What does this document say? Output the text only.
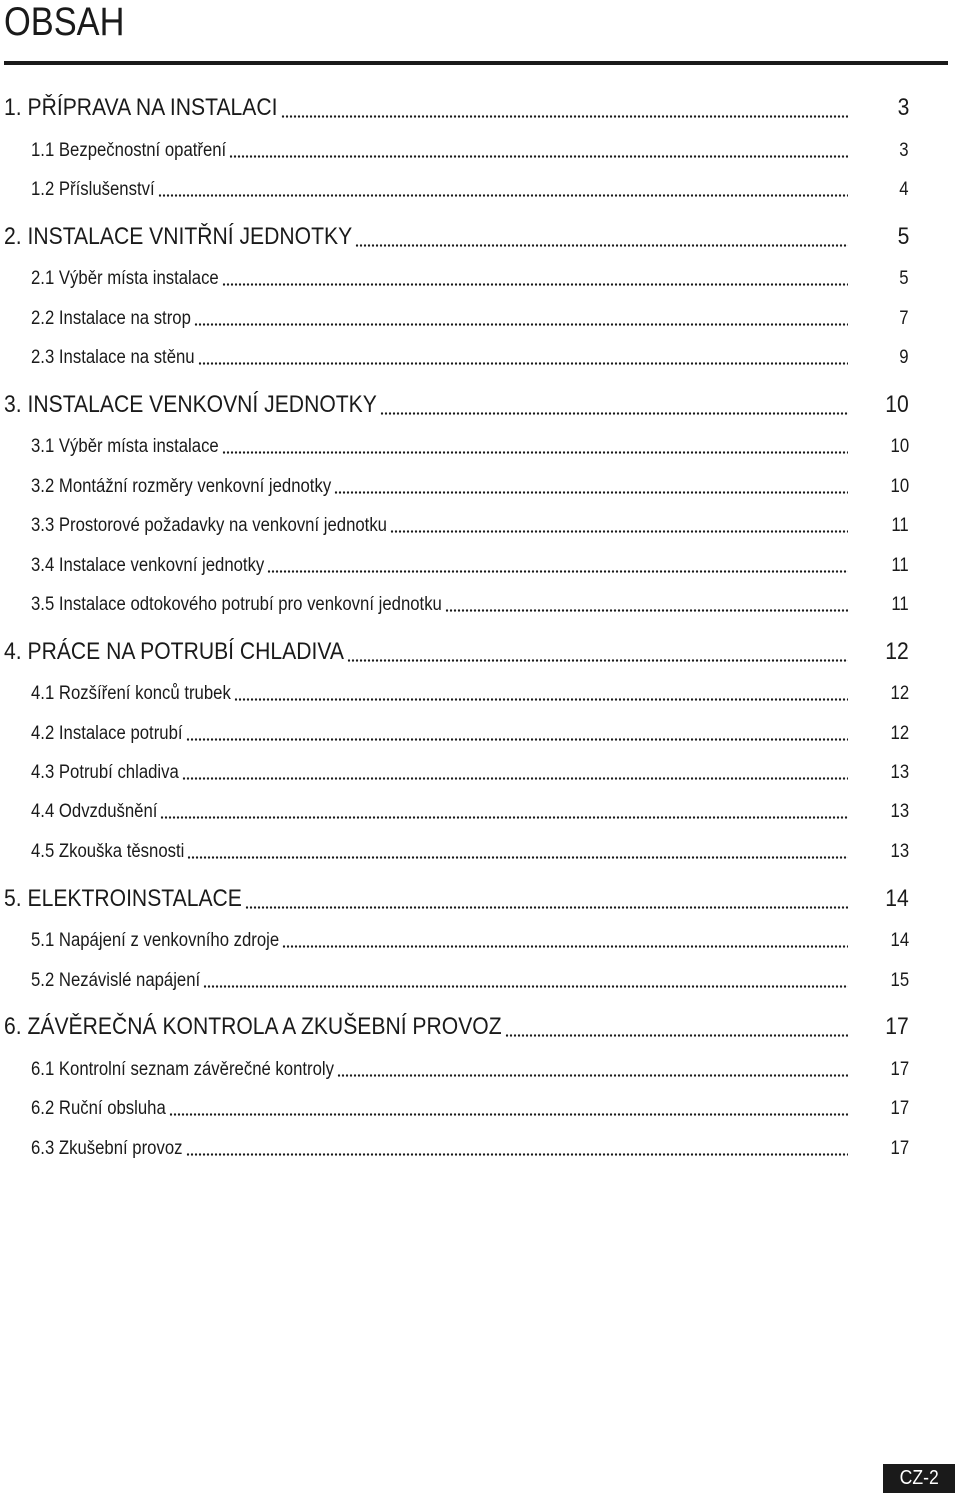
OBSAH
1. PŘÍPRAVA NA INSTALACI	3
1.1 Bezpečnostní opatření	3
1.2 Příslušenství	4
2. INSTALACE VNITŘNÍ JEDNOTKY	5
2.1 Výběr místa instalace	5
2.2 Instalace na strop	7
2.3 Instalace na stěnu	9
3. INSTALACE VENKOVNÍ JEDNOTKY	10
3.1 Výběr místa instalace	10
3.2 Montážní rozměry venkovní jednotky	10
3.3 Prostorové požadavky na venkovní jednotku	11
3.4 Instalace venkovní jednotky	11
3.5 Instalace odtokového potrubí pro venkovní jednotku	11
4. PRÁCE NA POTRUBÍ CHLADIVA	12
4.1 Rozšíření konců trubek	12
4.2 Instalace potrubí	12
4.3 Potrubí chladiva	13
4.4 Odvzdušnění	13
4.5 Zkouška těsnosti	13
5. ELEKTROINSTALACE	14
5.1 Napájení z venkovního zdroje	14
5.2 Nezávislé napájení	15
6. ZÁVĚREČNÁ KONTROLA A ZKUŠEBNÍ PROVOZ	17
6.1 Kontrolní seznam závěrečné kontroly	17
6.2 Ruční obsluha	17
6.3 Zkušební provoz	17
CZ-2
